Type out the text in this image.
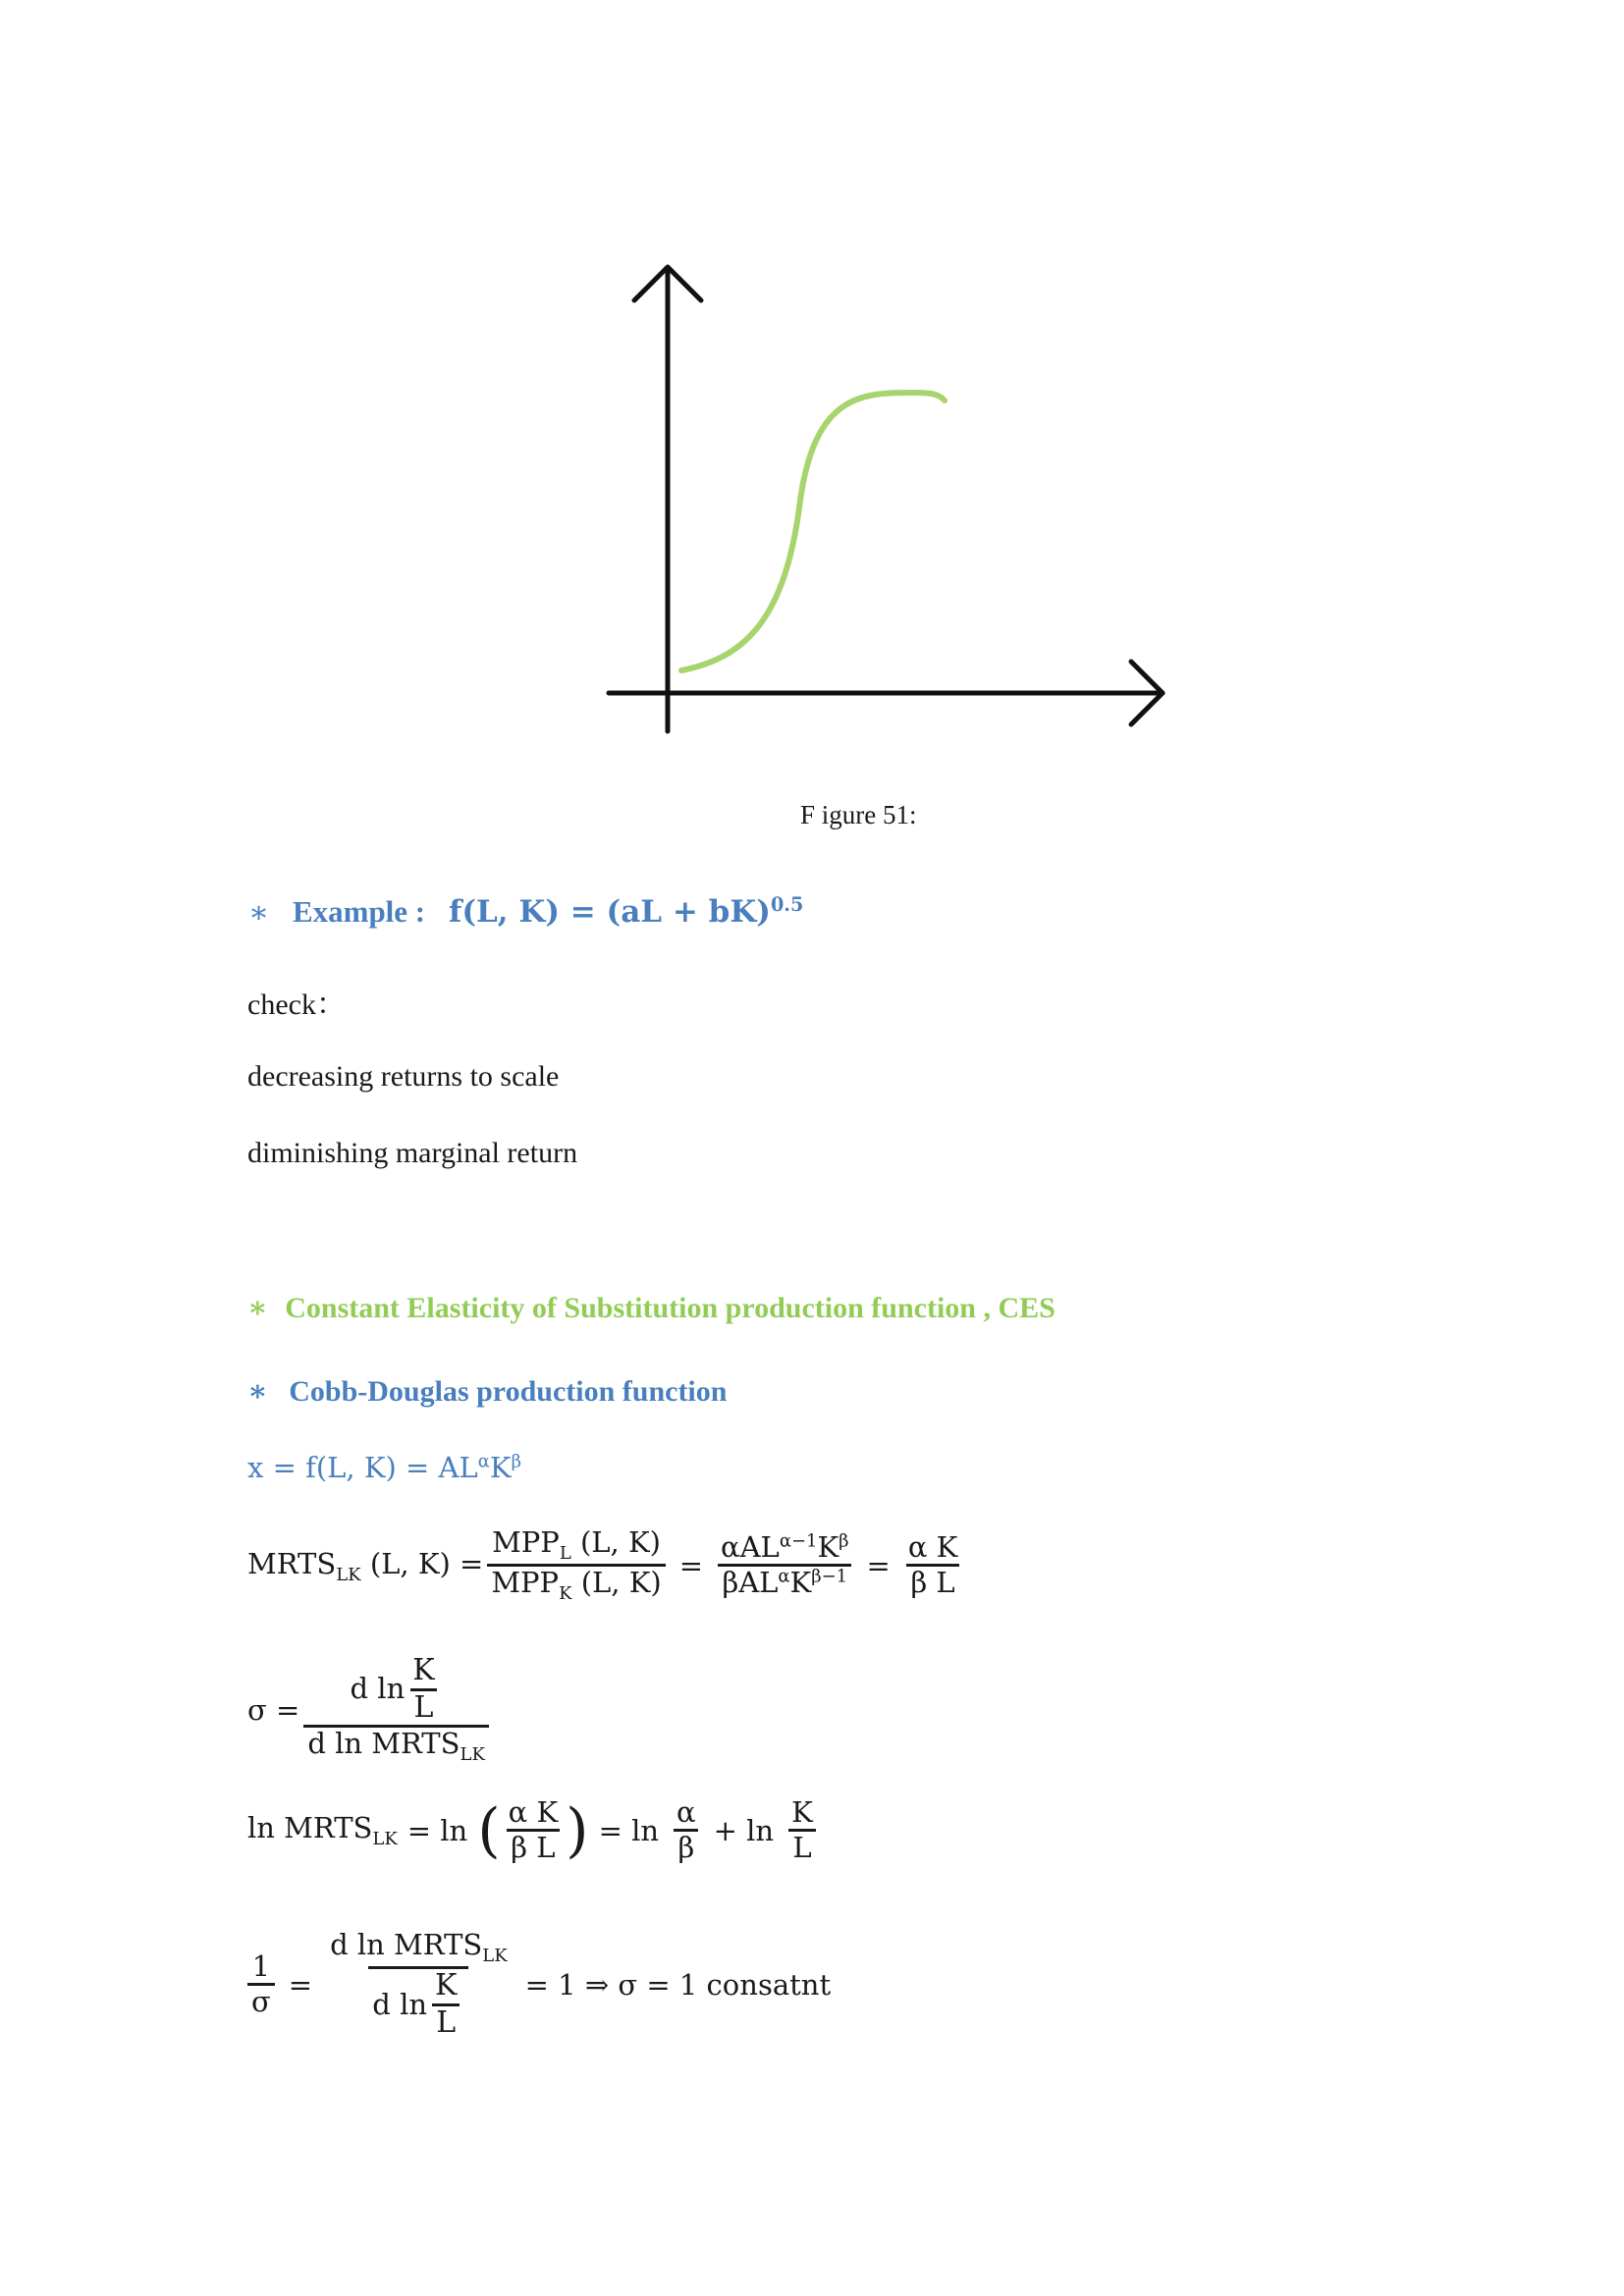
F igure 51:
∗ Example : f(L, K) = (aL + bK)$^{0.5}$
check：
decreasing returns to scale
diminishing marginal return
∗ Constant Elasticity of Substitution production function , CES
∗ Cobb-Douglas production function
x = f(L, $K) = AL^\alpha K^\beta$
$MRTS_{LK}$ (L, $K) = \frac{MPP_L (L, K)}{MPP_K (L, K)} = \frac{\alpha AL^{\alpha-1}K^\beta}{\beta AL^\alpha K^{\beta-1}} = \frac{\text{α K}}{\text{β L}}$
$\sigma = \frac{d \ln \frac{K}{L}}{d \ln MRTS_{LK}}$
$\ln MRTS_{LK} = \ln$ ( $\frac{\text{α K}}{\text{β L}}$ ) = $\ln \frac{\alpha}{\beta} + \ln \frac{K}{L}$
$\frac{1}{\sigma} = \frac{d \ln MRTS_{LK}}{d \ln \frac{K}{L}} = 1$ ⇒ σ = 1 consatnt
